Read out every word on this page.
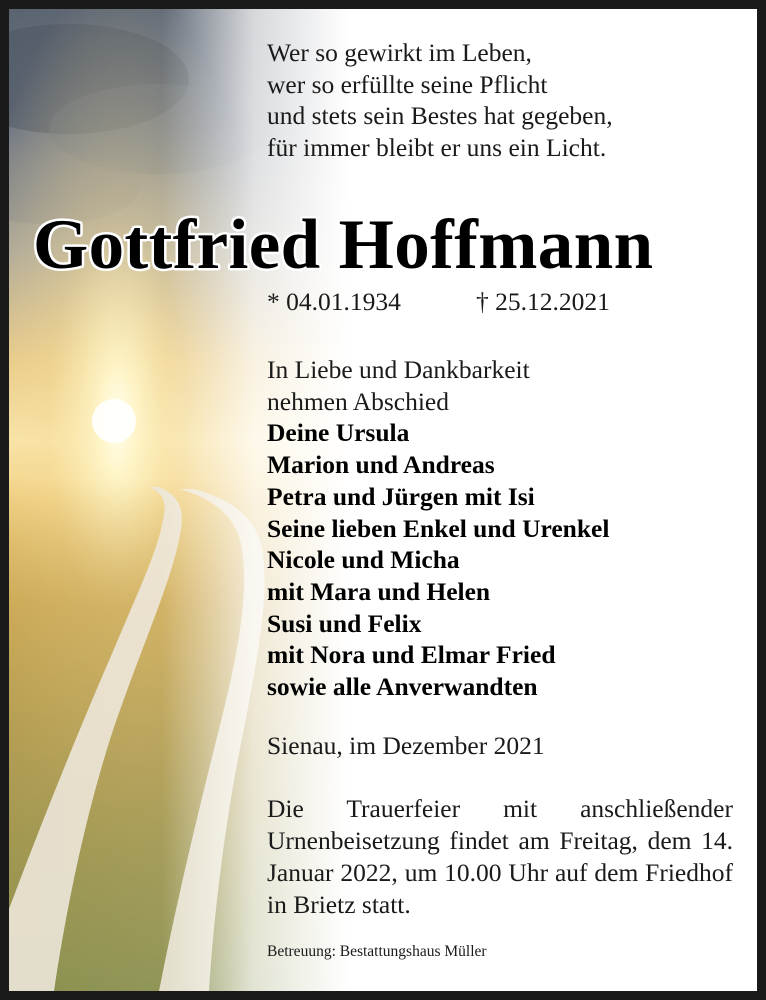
Wer so gewirkt im Leben,
wer so erfüllte seine Pflicht
und stets sein Bestes hat gegeben,
für immer bleibt er uns ein Licht.
Gottfried Hoffmann
* 04.01.1934	† 25.12.2021
In Liebe und Dankbarkeit
nehmen Abschied
Deine Ursula
Marion und Andreas
Petra und Jürgen mit Isi
Seine lieben Enkel und Urenkel
Nicole und Micha
mit Mara und Helen
Susi und Felix
mit Nora und Elmar Fried
sowie alle Anverwandten
Sienau, im Dezember 2021
Die Trauerfeier mit anschließender Urnenbeisetzung findet am Freitag, dem 14. Januar 2022, um 10.00 Uhr auf dem Friedhof in Brietz statt.
Betreuung: Bestattungshaus Müller
